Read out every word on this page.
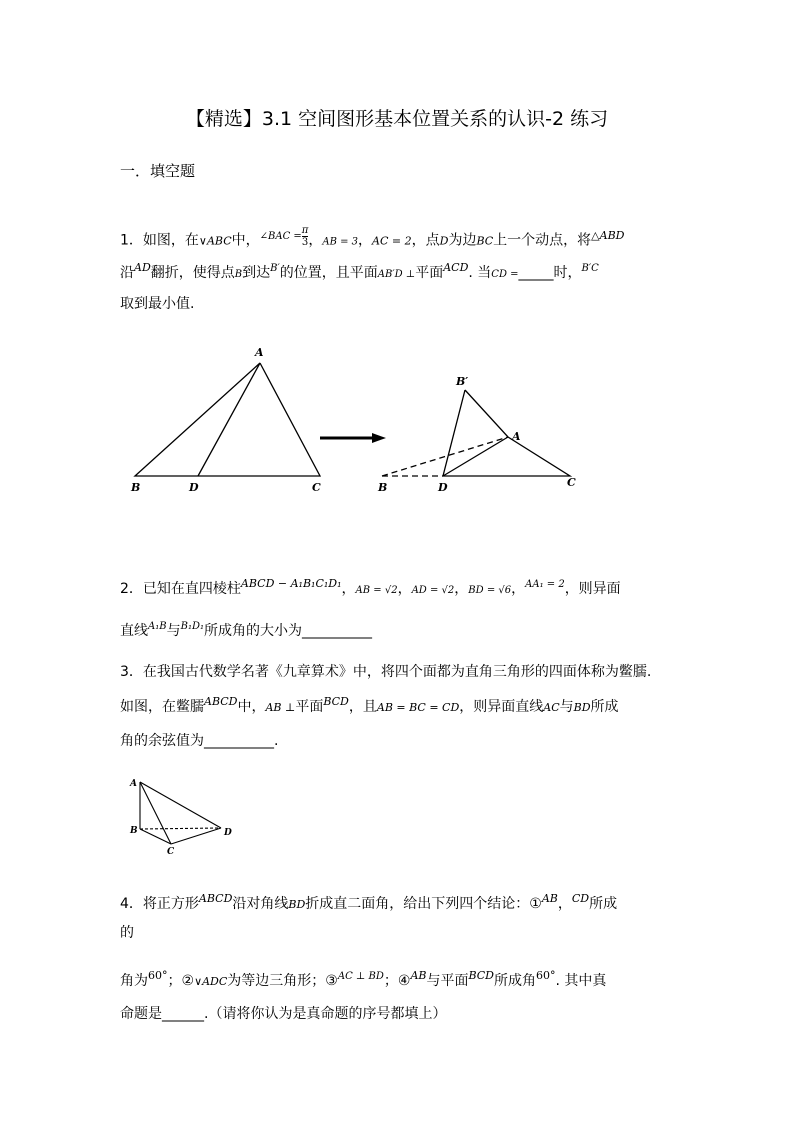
【精选】3.1 空间图形基本位置关系的认识-2 练习
一．填空题
1．如图，在∨ABC中，$^{\angle BAC =} \frac{\pi}{3}$ ，AB = 3，AC = 2，点D为边BC上一个动点，将$^{\triangle ABD}$
沿$^{AD}$翻折，使得点B到达$^{B'}$的位置，且平面AB′D ⊥平面$^{ACD}$. 当CD =_____时，$^{B'C}$
取到最小值.
A
B	D	C
B′
A
B	D	C
2．已知在直四棱柱$^{ABCD - A_1B_1C_1D_1}$，AB = √2，AD = √2，BD = √6，$^{AA_1 = 2}$，则异面
直线$^{A_1B}$与$^{B_1D_1}$所成角的大小为__________
3．在我国古代数学名著《九章算术》中，将四个面都为直角三角形的四面体称为鳖臑.
如图，在鳖臑$^{ABCD}$中，AB ⊥平面$^{BCD}$，且AB = BC = CD，则异面直线AC与BD所成
角的余弦值为__________.
A
B
C
D
4．将正方形$^{ABCD}$沿对角线BD折成直二面角，给出下列四个结论：①$^{AB}$，$^{CD}$所成
的
角为$^{60^\circ}$；②∨ADC为等边三角形；③$^{AC \perp BD}$；④$^{AB}$与平面$^{BCD}$所成角$^{60^\circ}$. 其中真
命题是______.（请将你认为是真命题的序号都填上）
